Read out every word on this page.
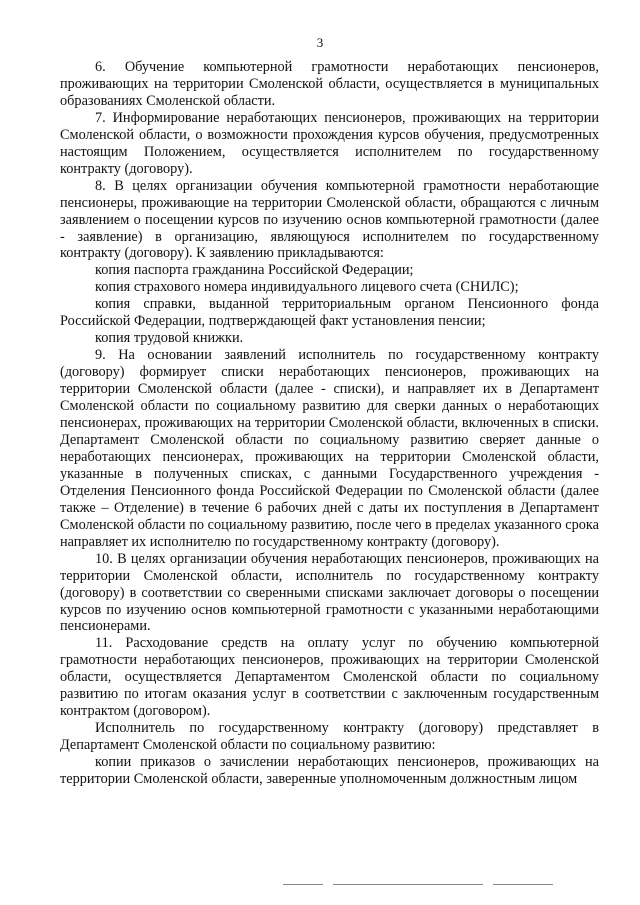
3

6. Обучение компьютерной грамотности неработающих пенсионеров, проживающих на территории Смоленской области, осуществляется в муниципальных образованиях Смоленской области.

7. Информирование неработающих пенсионеров, проживающих на территории Смоленской области, о возможности прохождения курсов обучения, предусмотренных настоящим Положением, осуществляется исполнителем по государственному контракту (договору).

8. В целях организации обучения компьютерной грамотности неработающие пенсионеры, проживающие на территории Смоленской области, обращаются с личным заявлением о посещении курсов по изучению основ компьютерной грамотности (далее - заявление) в организацию, являющуюся исполнителем по государственному контракту (договору). К заявлению прикладываются:

копия паспорта гражданина Российской Федерации;

копия страхового номера индивидуального лицевого счета (СНИЛС);

копия справки, выданной территориальным органом Пенсионного фонда Российской Федерации, подтверждающей факт установления пенсии;

копия трудовой книжки.

9. На основании заявлений исполнитель по государственному контракту (договору) формирует списки неработающих пенсионеров, проживающих на территории Смоленской области (далее - списки), и направляет их в Департамент Смоленской области по социальному развитию для сверки данных о неработающих пенсионерах, проживающих на территории Смоленской области, включенных в списки. Департамент Смоленской области по социальному развитию сверяет данные о неработающих пенсионерах, проживающих на территории Смоленской области, указанные в полученных списках, с данными Государственного учреждения - Отделения Пенсионного фонда Российской Федерации по Смоленской области (далее также – Отделение) в течение 6 рабочих дней с даты их поступления в Департамент Смоленской области по социальному развитию, после чего в пределах указанного срока направляет их исполнителю по государственному контракту (договору).

10. В целях организации обучения неработающих пенсионеров, проживающих на территории Смоленской области, исполнитель по государственному контракту (договору) в соответствии со сверенными списками заключает договоры о посещении курсов по изучению основ компьютерной грамотности с указанными неработающими пенсионерами.

11. Расходование средств на оплату услуг по обучению компьютерной грамотности неработающих пенсионеров, проживающих на территории Смоленской области, осуществляется Департаментом Смоленской области по социальному развитию по итогам оказания услуг в соответствии с заключенным государственным контрактом (договором).

Исполнитель по государственному контракту (договору) представляет в Департамент Смоленской области по социальному развитию:

копии приказов о зачислении неработающих пенсионеров, проживающих на территории Смоленской области, заверенные уполномоченным должностным лицом
